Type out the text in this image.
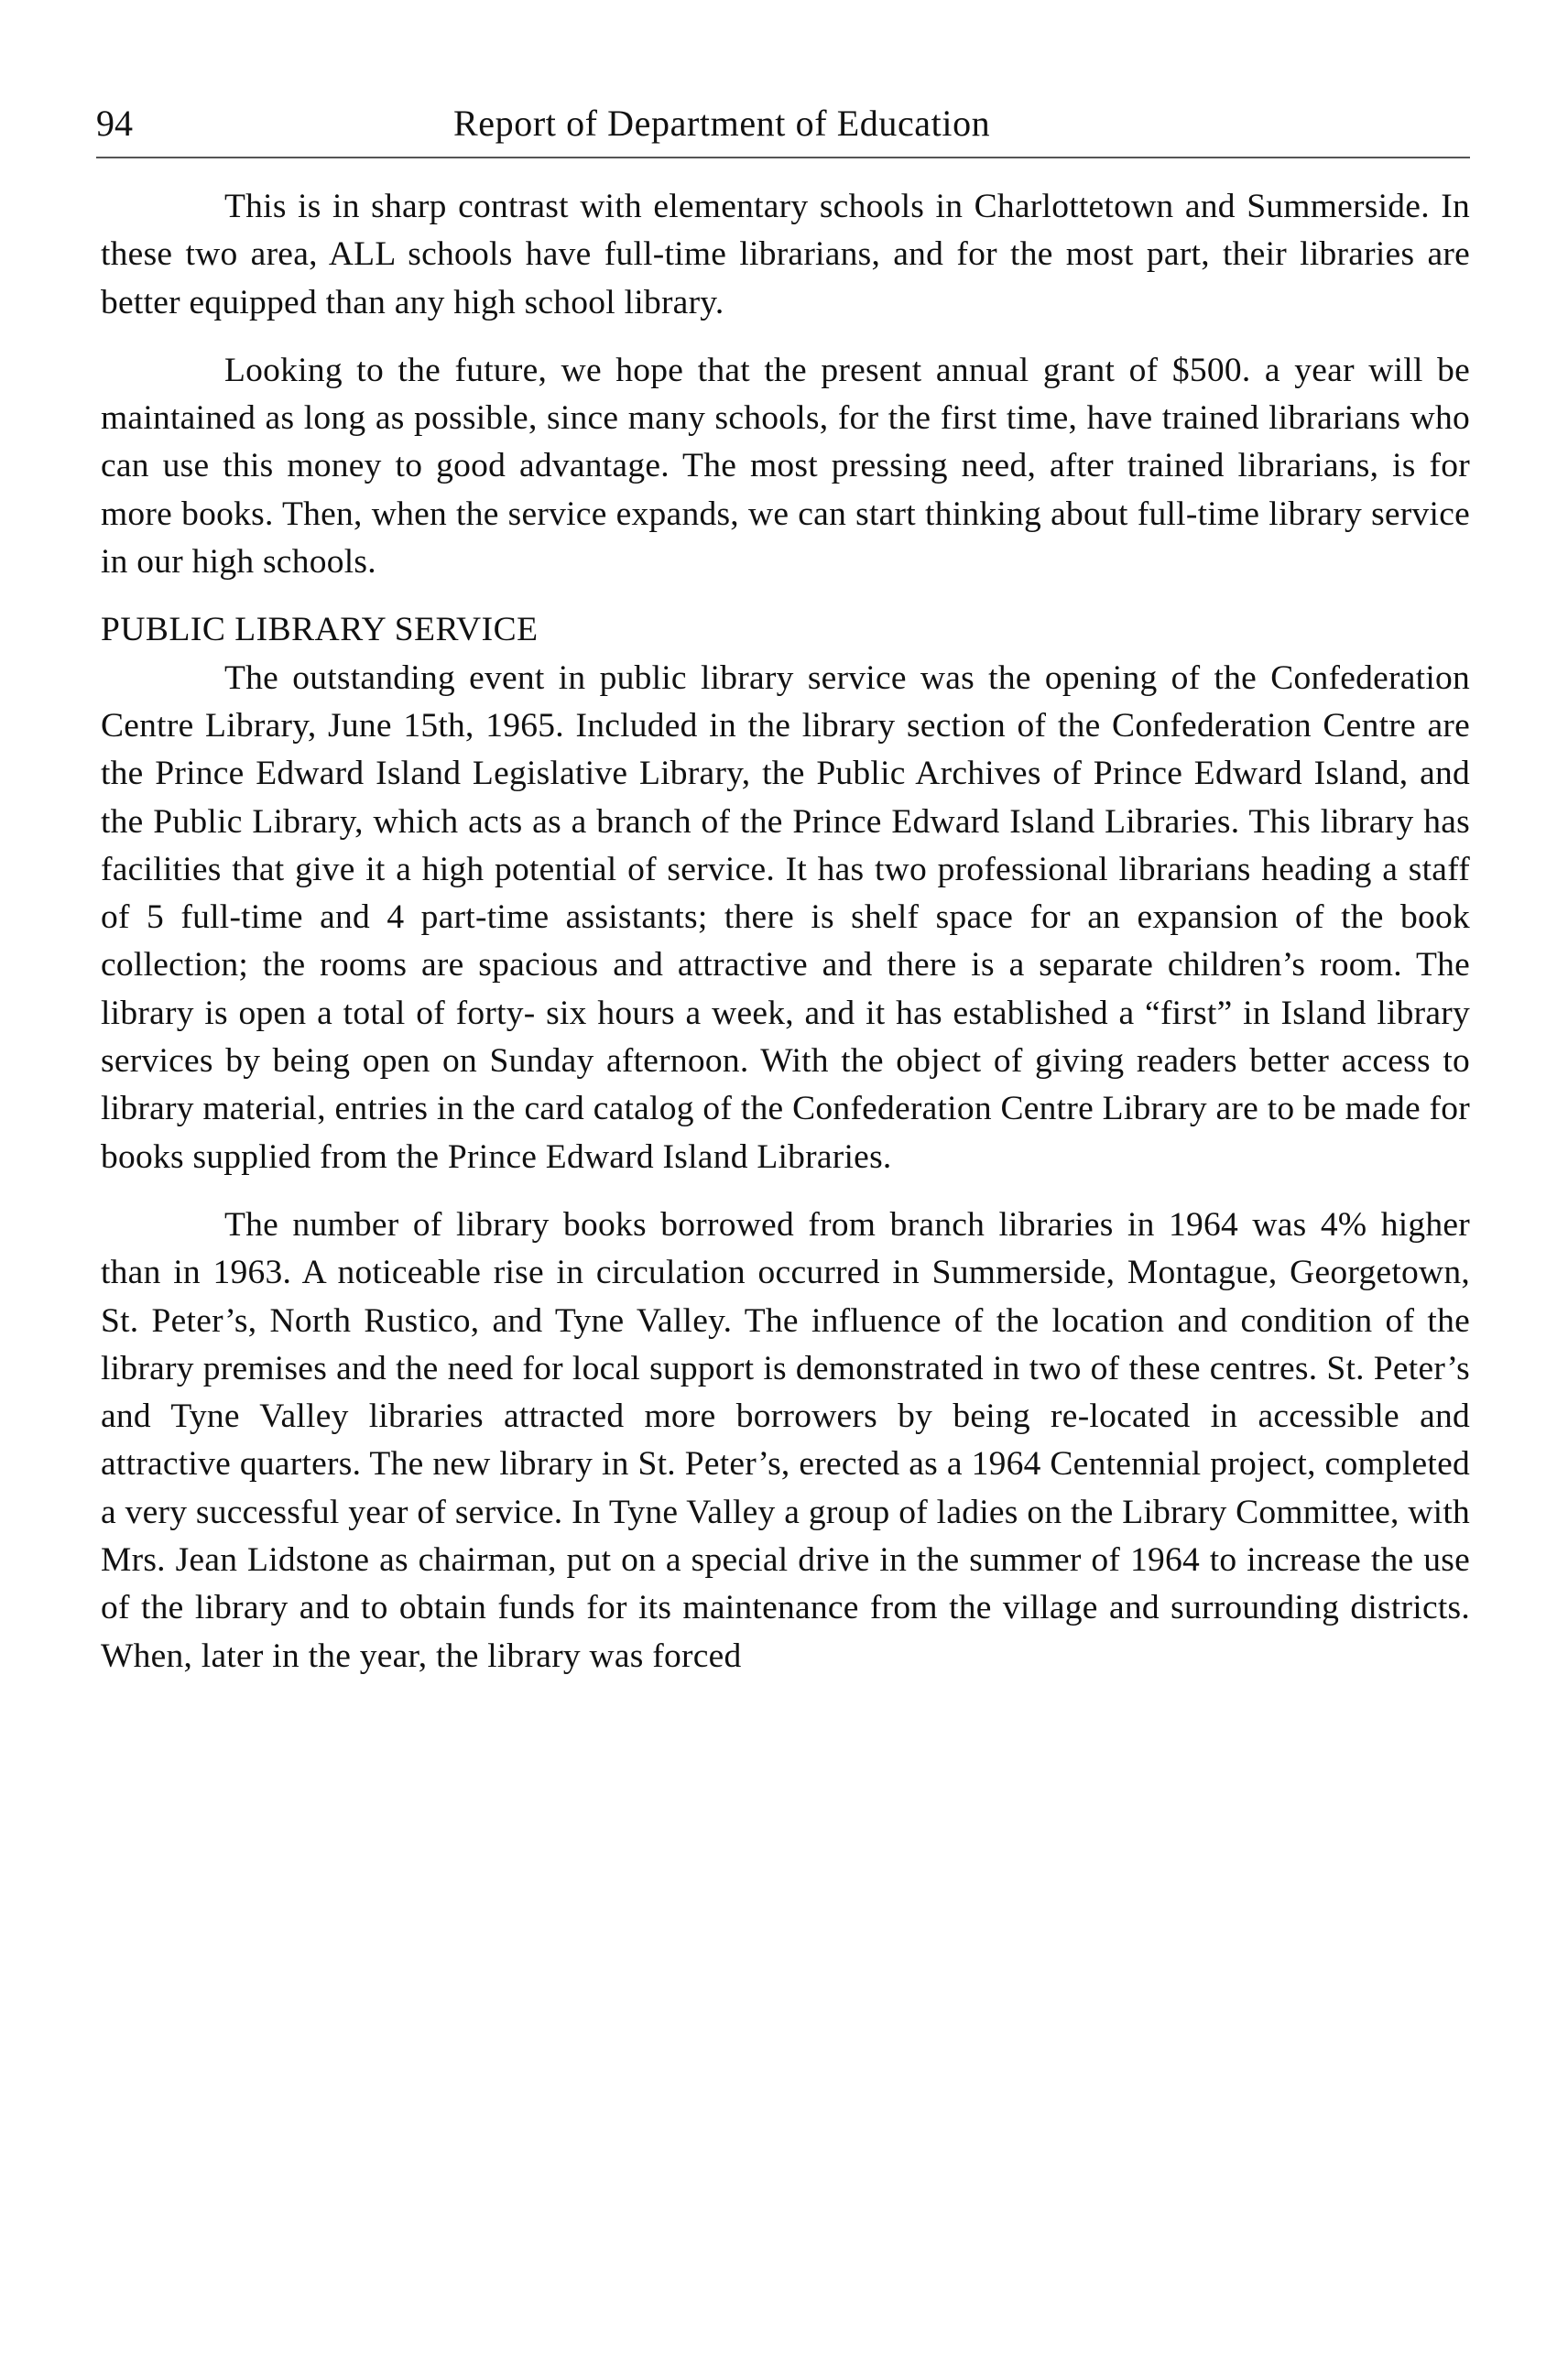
94	Report of Department of Education

This is in sharp contrast with elementary schools in Charlottetown and Summerside. In these two area, ALL schools have full-time librarians, and for the most part, their libraries are better equipped than any high school library.

Looking to the future, we hope that the present annual grant of $500. a year will be maintained as long as possible, since many schools, for the first time, have trained librarians who can use this money to good advantage. The most pressing need, after trained librarians, is for more books. Then, when the service expands, we can start thinking about full-time library service in our high schools.

PUBLIC LIBRARY SERVICE

The outstanding event in public library service was the opening of the Confederation Centre Library, June 15th, 1965. Included in the library section of the Confederation Centre are the Prince Edward Island Legislative Library, the Public Archives of Prince Edward Island, and the Public Library, which acts as a branch of the Prince Edward Island Libraries. This library has facilities that give it a high potential of service. It has two professional librarians heading a staff of 5 full-time and 4 part-time assistants; there is shelf space for an expansion of the book collection; the rooms are spacious and attractive and there is a separate children’s room. The library is open a total of forty- six hours a week, and it has established a “first” in Island library services by being open on Sunday afternoon. With the object of giving readers better access to library material, entries in the card catalog of the Confederation Centre Library are to be made for books supplied from the Prince Edward Island Libraries.

The number of library books borrowed from branch libraries in 1964 was 4% higher than in 1963. A noticeable rise in circulation occurred in Summerside, Montague, Georgetown, St. Peter’s, North Rustico, and Tyne Valley. The influence of the location and condition of the library premises and the need for local support is demonstrated in two of these centres. St. Peter’s and Tyne Valley libraries attracted more borrowers by being re-located in accessible and attractive quarters. The new library in St. Peter’s, erected as a 1964 Centennial project, completed a very successful year of service. In Tyne Valley a group of ladies on the Library Committee, with Mrs. Jean Lidstone as chairman, put on a special drive in the summer of 1964 to increase the use of the library and to obtain funds for its maintenance from the village and surrounding districts. When, later in the year, the library was forced
